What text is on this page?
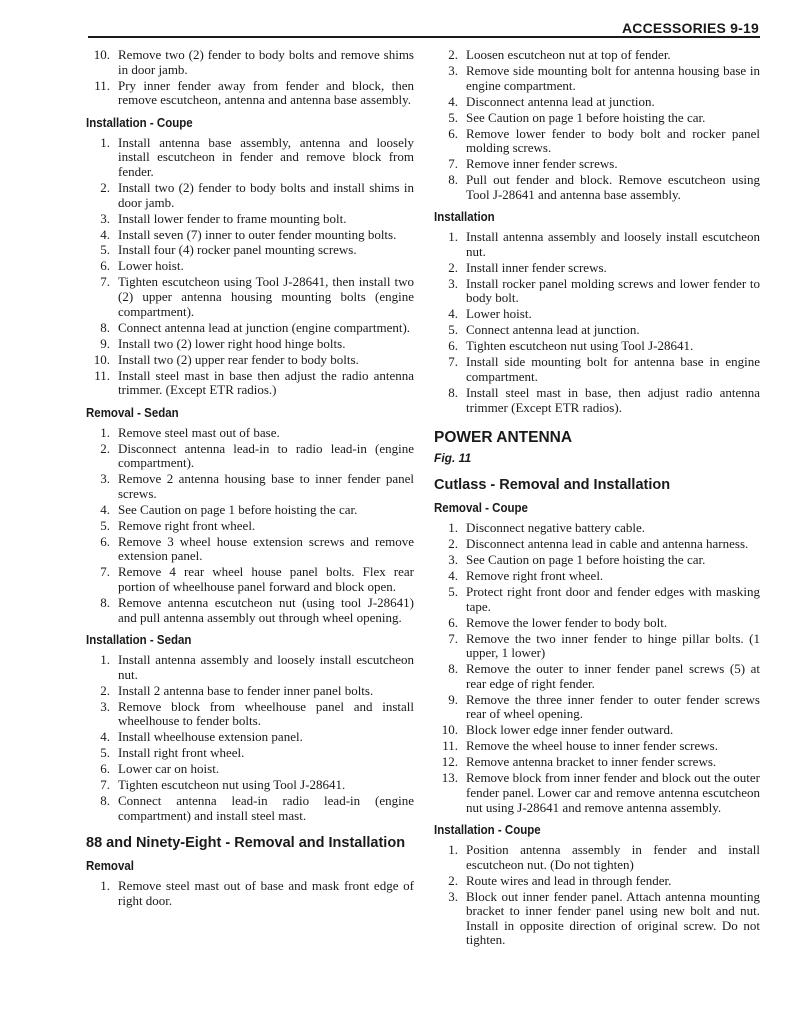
ACCESSORIES 9-19
10. Remove two (2) fender to body bolts and remove shims in door jamb.
11. Pry inner fender away from fender and block, then remove escutcheon, antenna and antenna base assembly.
Installation - Coupe
1. Install antenna base assembly, antenna and loosely install escutcheon in fender and remove block from fender.
2. Install two (2) fender to body bolts and install shims in door jamb.
3. Install lower fender to frame mounting bolt.
4. Install seven (7) inner to outer fender mounting bolts.
5. Install four (4) rocker panel mounting screws.
6. Lower hoist.
7. Tighten escutcheon using Tool J-28641, then install two (2) upper antenna housing mounting bolts (engine compartment).
8. Connect antenna lead at junction (engine compartment).
9. Install two (2) lower right hood hinge bolts.
10. Install two (2) upper rear fender to body bolts.
11. Install steel mast in base then adjust the radio antenna trimmer. (Except ETR radios.)
Removal - Sedan
1. Remove steel mast out of base.
2. Disconnect antenna lead-in to radio lead-in (engine compartment).
3. Remove 2 antenna housing base to inner fender panel screws.
4. See Caution on page 1 before hoisting the car.
5. Remove right front wheel.
6. Remove 3 wheel house extension screws and remove extension panel.
7. Remove 4 rear wheel house panel bolts. Flex rear portion of wheelhouse panel forward and block open.
8. Remove antenna escutcheon nut (using tool J-28641) and pull antenna assembly out through wheel opening.
Installation - Sedan
1. Install antenna assembly and loosely install escutcheon nut.
2. Install 2 antenna base to fender inner panel bolts.
3. Remove block from wheelhouse panel and install wheelhouse to fender bolts.
4. Install wheelhouse extension panel.
5. Install right front wheel.
6. Lower car on hoist.
7. Tighten escutcheon nut using Tool J-28641.
8. Connect antenna lead-in radio lead-in (engine compartment) and install steel mast.
88 and Ninety-Eight - Removal and Installation
Removal
1. Remove steel mast out of base and mask front edge of right door.
2. Loosen escutcheon nut at top of fender.
3. Remove side mounting bolt for antenna housing base in engine compartment.
4. Disconnect antenna lead at junction.
5. See Caution on page 1 before hoisting the car.
6. Remove lower fender to body bolt and rocker panel molding screws.
7. Remove inner fender screws.
8. Pull out fender and block. Remove escutcheon using Tool J-28641 and antenna base assembly.
Installation
1. Install antenna assembly and loosely install escutcheon nut.
2. Install inner fender screws.
3. Install rocker panel molding screws and lower fender to body bolt.
4. Lower hoist.
5. Connect antenna lead at junction.
6. Tighten escutcheon nut using Tool J-28641.
7. Install side mounting bolt for antenna base in engine compartment.
8. Install steel mast in base, then adjust radio antenna trimmer (Except ETR radios).
POWER ANTENNA
Fig. 11
Cutlass - Removal and Installation
Removal - Coupe
1. Disconnect negative battery cable.
2. Disconnect antenna lead in cable and antenna harness.
3. See Caution on page 1 before hoisting the car.
4. Remove right front wheel.
5. Protect right front door and fender edges with masking tape.
6. Remove the lower fender to body bolt.
7. Remove the two inner fender to hinge pillar bolts. (1 upper, 1 lower)
8. Remove the outer to inner fender panel screws (5) at rear edge of right fender.
9. Remove the three inner fender to outer fender screws rear of wheel opening.
10. Block lower edge inner fender outward.
11. Remove the wheel house to inner fender screws.
12. Remove antenna bracket to inner fender screws.
13. Remove block from inner fender and block out the outer fender panel. Lower car and remove antenna escutcheon nut using J-28641 and remove antenna assembly.
Installation - Coupe
1. Position antenna assembly in fender and install escutcheon nut. (Do not tighten)
2. Route wires and lead in through fender.
3. Block out inner fender panel. Attach antenna mounting bracket to inner fender panel using new bolt and nut. Install in opposite direction of original screw. Do not tighten.
